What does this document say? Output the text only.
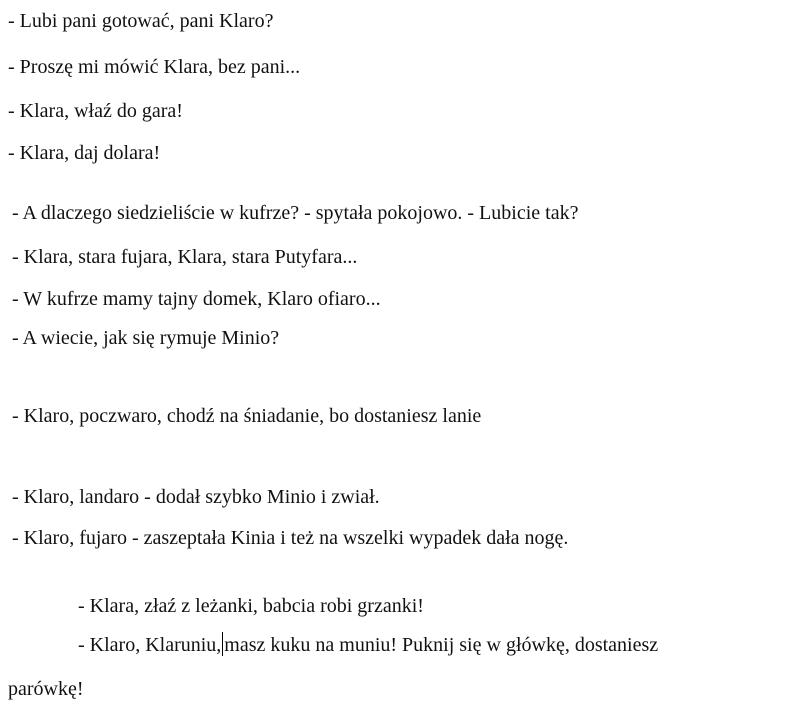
- Lubi pani gotować, pani Klaro?
- Proszę mi mówić Klara, bez pani...
- Klara, właź do gara!
- Klara, daj dolara!
- A dlaczego siedzieliście w kufrze? - spytała pokojowo. - Lubicie tak?
- Klara, stara fujara, Klara, stara Putyfara...
- W kufrze mamy tajny domek, Klaro ofiaro...
- A wiecie, jak się rymuje Minio?
- Klaro, poczwaro, chodź na śniadanie, bo dostaniesz lanie
- Klaro, landaro - dodał szybko Minio i zwiał.
- Klaro, fujaro - zaszeptała Kinia i też na wszelki wypadek dała nogę.
- Klara, złaź z leżanki, babcia robi grzanki!
- Klaro, Klaruniu, masz kuku na muniu! Puknij się w główkę, dostaniesz
parówkę!
